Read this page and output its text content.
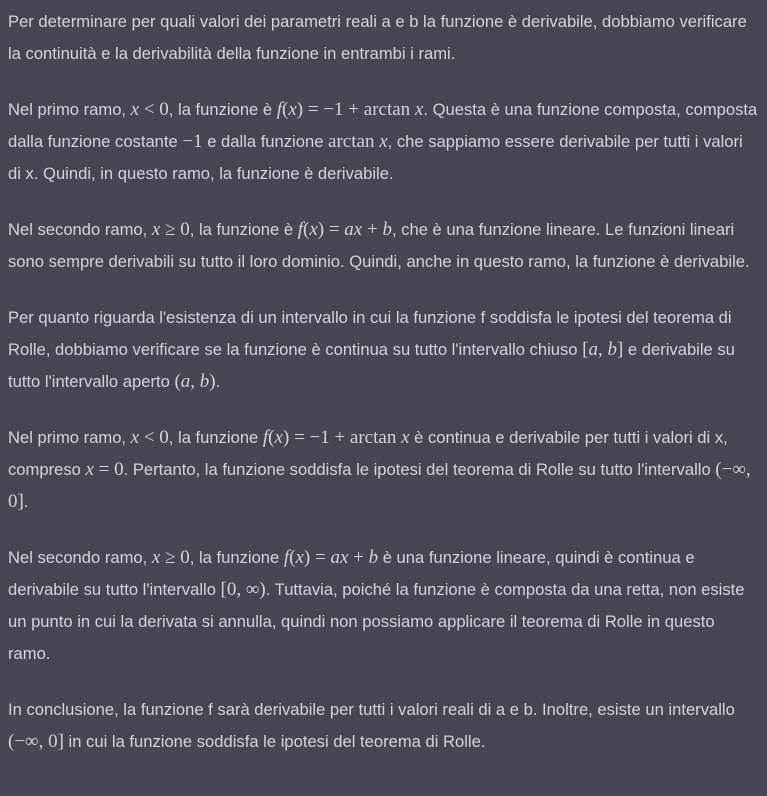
Per determinare per quali valori dei parametri reali a e b la funzione è derivabile, dobbiamo verificare la continuità e la derivabilità della funzione in entrambi i rami.

Nel primo ramo, x < 0, la funzione è f(x) = −1 + arctan x. Questa è una funzione composta, composta dalla funzione costante −1 e dalla funzione arctan x, che sappiamo essere derivabile per tutti i valori di x. Quindi, in questo ramo, la funzione è derivabile.

Nel secondo ramo, x ≥ 0, la funzione è f(x) = ax + b, che è una funzione lineare. Le funzioni lineari sono sempre derivabili su tutto il loro dominio. Quindi, anche in questo ramo, la funzione è derivabile.

Per quanto riguarda l'esistenza di un intervallo in cui la funzione f soddisfa le ipotesi del teorema di Rolle, dobbiamo verificare se la funzione è continua su tutto l'intervallo chiuso [a, b] e derivabile su tutto l'intervallo aperto (a, b).

Nel primo ramo, x < 0, la funzione f(x) = −1 + arctan x è continua e derivabile per tutti i valori di x, compreso x = 0. Pertanto, la funzione soddisfa le ipotesi del teorema di Rolle su tutto l'intervallo (−∞, 0].

Nel secondo ramo, x ≥ 0, la funzione f(x) = ax + b è una funzione lineare, quindi è continua e derivabile su tutto l'intervallo [0, ∞). Tuttavia, poiché la funzione è composta da una retta, non esiste un punto in cui la derivata si annulla, quindi non possiamo applicare il teorema di Rolle in questo ramo.

In conclusione, la funzione f sarà derivabile per tutti i valori reali di a e b. Inoltre, esiste un intervallo (−∞, 0] in cui la funzione soddisfa le ipotesi del teorema di Rolle.
